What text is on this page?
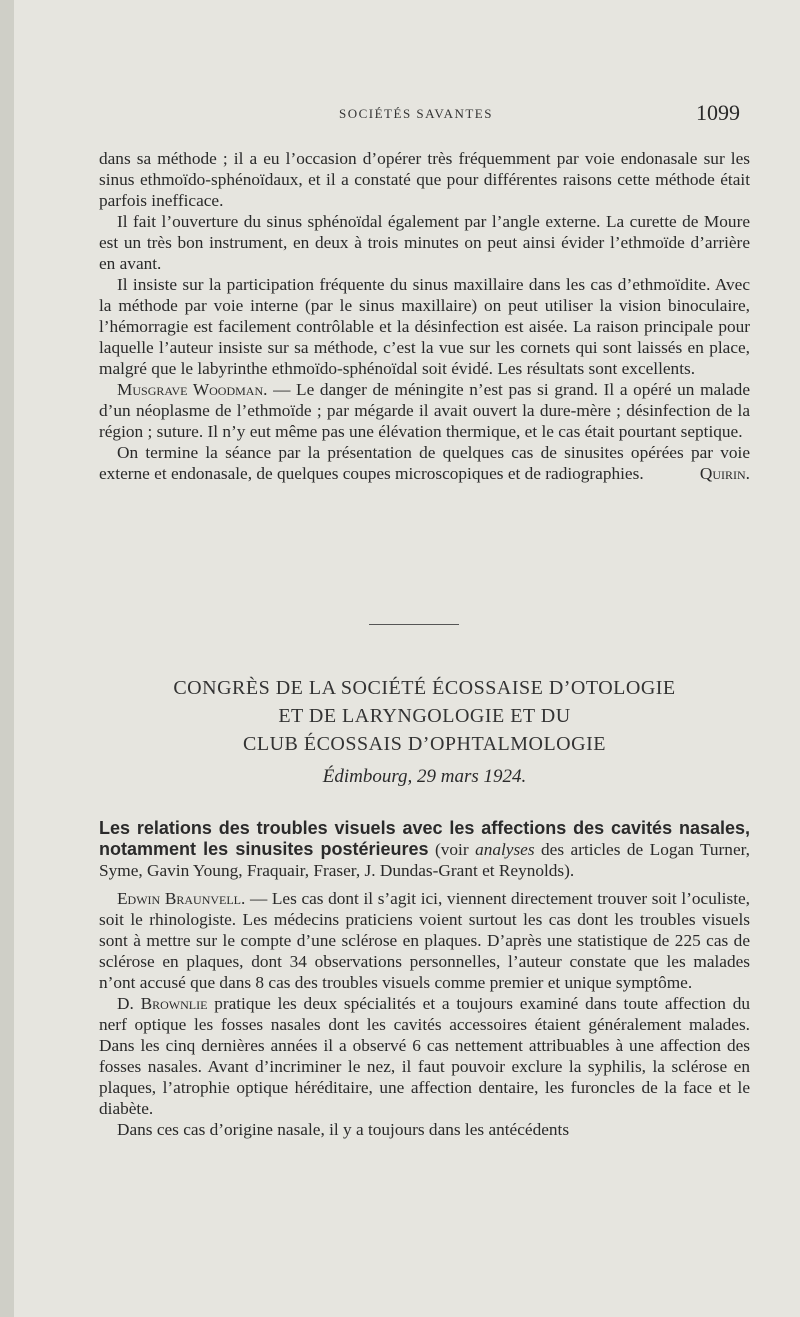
SOCIÉTÉS SAVANTES	1099

dans sa méthode ; il a eu l’occasion d’opérer très fréquemment par voie endonasale sur les sinus ethmoïdo-sphénoïdaux, et il a constaté que pour différentes raisons cette méthode était parfois inefficace.

Il fait l’ouverture du sinus sphénoïdal également par l’angle externe. La curette de Moure est un très bon instrument, en deux à trois minutes on peut ainsi évider l’ethmoïde d’arrière en avant.

Il insiste sur la participation fréquente du sinus maxillaire dans les cas d’ethmoïdite. Avec la méthode par voie interne (par le sinus maxillaire) on peut utiliser la vision binoculaire, l’hémorragie est facilement contrôlable et la désinfection est aisée. La raison principale pour laquelle l’auteur insiste sur sa méthode, c’est la vue sur les cornets qui sont laissés en place, malgré que le labyrinthe ethmoïdo-sphénoïdal soit évidé. Les résultats sont excellents.

Musgrave Woodman. — Le danger de méningite n’est pas si grand. Il a opéré un malade d’un néoplasme de l’ethmoïde ; par mégarde il avait ouvert la dure-mère ; désinfection de la région ; suture. Il n’y eut même pas une élévation thermique, et le cas était pourtant septique.

On termine la séance par la présentation de quelques cas de sinusites opérées par voie externe et endonasale, de quelques coupes microscopiques et de radiographies.	Quirin.

CONGRÈS DE LA SOCIÉTÉ ÉCOSSAISE D’OTOLOGIE
ET DE LARYNGOLOGIE ET DU
CLUB ÉCOSSAIS D’OPHTALMOLOGIE
Édimbourg, 29 mars 1924.

Les relations des troubles visuels avec les affections des cavités nasales, notamment les sinusites postérieures (voir analyses des articles de Logan Turner, Syme, Gavin Young, Fraquair, Fraser, J. Dundas-Grant et Reynolds).

Edwin Braunvell. — Les cas dont il s’agit ici, viennent directement trouver soit l’oculiste, soit le rhinologiste. Les médecins praticiens voient surtout les cas dont les troubles visuels sont à mettre sur le compte d’une sclérose en plaques. D’après une statistique de 225 cas de sclérose en plaques, dont 34 observations personnelles, l’auteur constate que les malades n’ont accusé que dans 8 cas des troubles visuels comme premier et unique symptôme.

D. Brownlie pratique les deux spécialités et a toujours examiné dans toute affection du nerf optique les fosses nasales dont les cavités accessoires étaient généralement malades. Dans les cinq dernières années il a observé 6 cas nettement attribuables à une affection des fosses nasales. Avant d’incriminer le nez, il faut pouvoir exclure la syphilis, la sclérose en plaques, l’atrophie optique héréditaire, une affection dentaire, les furoncles de la face et le diabète.

Dans ces cas d’origine nasale, il y a toujours dans les antécédents
